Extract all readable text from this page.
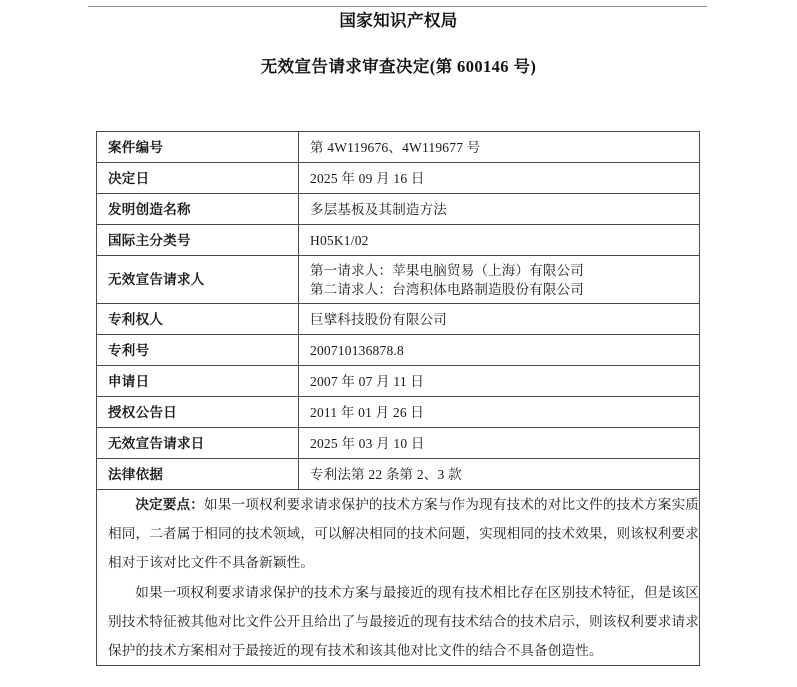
国家知识产权局
无效宣告请求审查决定(第 600146 号)
案件编号	第 4W119676、4W119677 号
决定日	2025 年 09 月 16 日
发明创造名称	多层基板及其制造方法
国际主分类号	H05K1/02
无效宣告请求人	第一请求人：苹果电脑贸易（上海）有限公司
第二请求人：台湾积体电路制造股份有限公司

专利权人	巨擘科技股份有限公司
专利号	200710136878.8
申请日	2007 年 07 月 11 日
授权公告日	2011 年 01 月 26 日
无效宣告请求日	2025 年 03 月 10 日
法律依据	专利法第 22 条第 2、3 款

决定要点：如果一项权利要求请求保护的技术方案与作为现有技术的对比文件的技术方案实质相同，二者属于相同的技术领域，可以解决相同的技术问题，实现相同的技术效果，则该权利要求相对于该对比文件不具备新颖性。

如果一项权利要求请求保护的技术方案与最接近的现有技术相比存在区别技术特征，但是该区别技术特征被其他对比文件公开且给出了与最接近的现有技术结合的技术启示，则该权利要求请求保护的技术方案相对于最接近的现有技术和该其他对比文件的结合不具备创造性。	
